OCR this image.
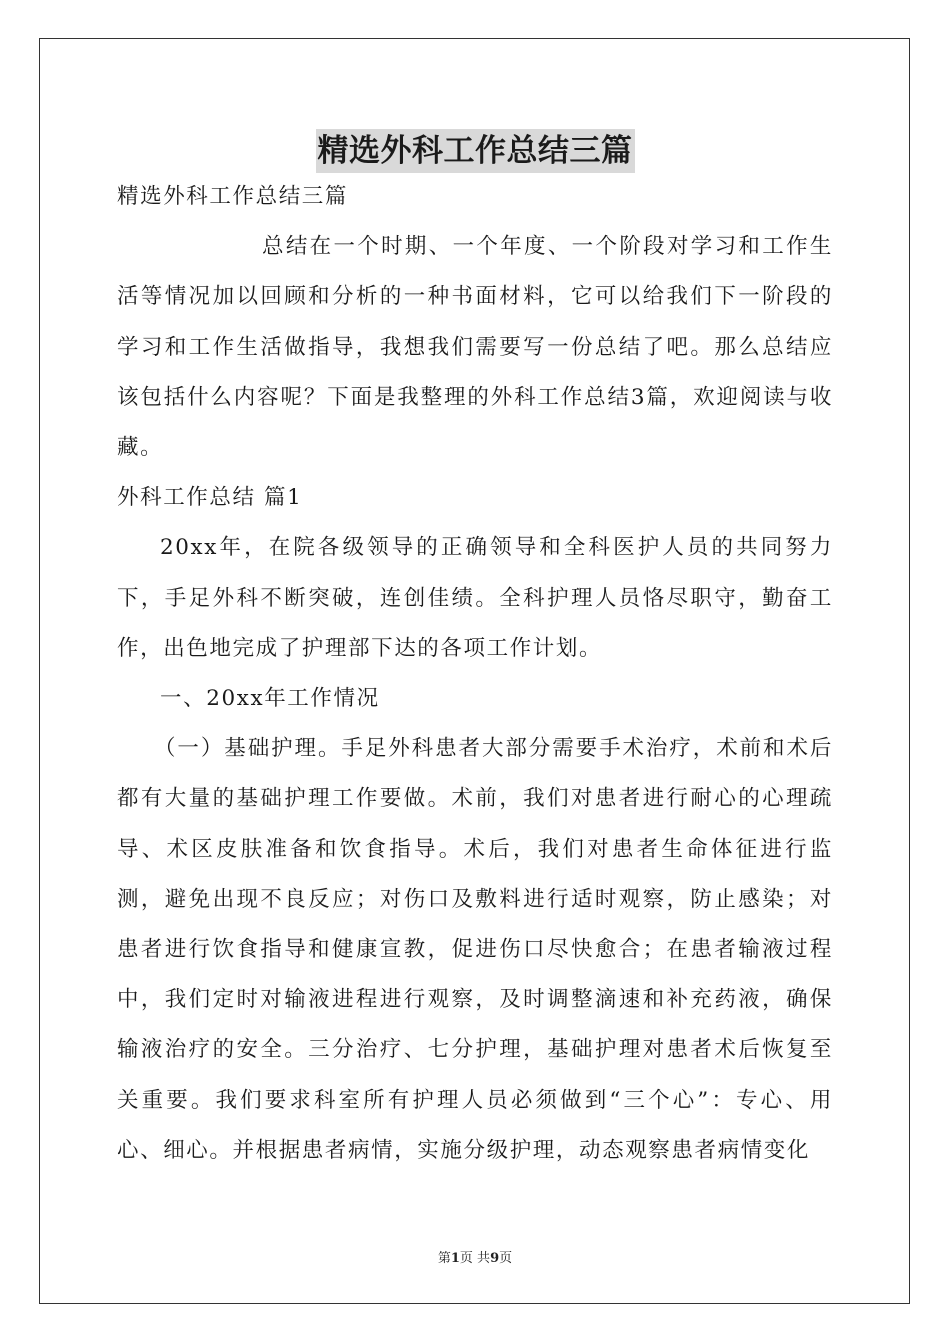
精选外科工作总结三篇

精选外科工作总结三篇

总结在一个时期、一个年度、一个阶段对学习和工作生活等情况加以回顾和分析的一种书面材料，它可以给我们下一阶段的学习和工作生活做指导，我想我们需要写一份总结了吧。那么总结应该包括什么内容呢？下面是我整理的外科工作总结3篇，欢迎阅读与收藏。

外科工作总结 篇1

20xx年，在院各级领导的正确领导和全科医护人员的共同努力下，手足外科不断突破，连创佳绩。全科护理人员恪尽职守，勤奋工作，出色地完成了护理部下达的各项工作计划。

一、20xx年工作情况

（一）基础护理。手足外科患者大部分需要手术治疗，术前和术后都有大量的基础护理工作要做。术前，我们对患者进行耐心的心理疏导、术区皮肤准备和饮食指导。术后，我们对患者生命体征进行监测，避免出现不良反应；对伤口及敷料进行适时观察，防止感染；对患者进行饮食指导和健康宣教，促进伤口尽快愈合；在患者输液过程中，我们定时对输液进程进行观察，及时调整滴速和补充药液，确保输液治疗的安全。三分治疗、七分护理，基础护理对患者术后恢复至关重要。我们要求科室所有护理人员必须做到“三个心”：专心、用心、细心。并根据患者病情，实施分级护理，动态观察患者病情变化

第1页 共9页
